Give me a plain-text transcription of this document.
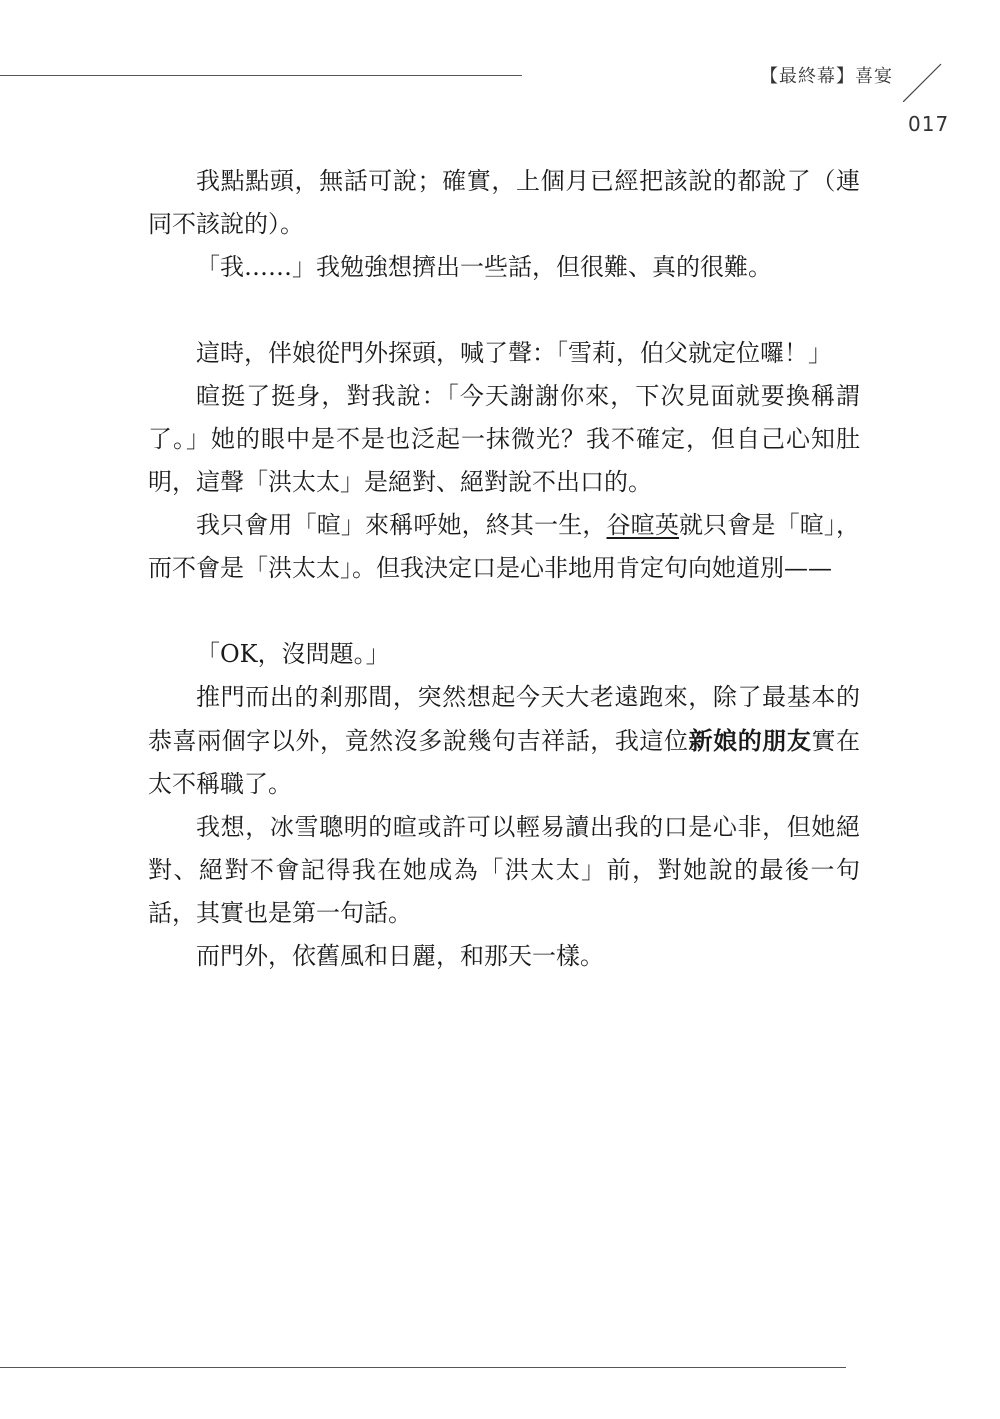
【最終幕】喜宴
017

我點點頭，無話可說；確實，上個月已經把該說的都說了（連同不該說的）。

「我……」我勉強想擠出一些話，但很難、真的很難。

這時，伴娘從門外探頭，喊了聲：「雪莉，伯父就定位囉！」

暄挺了挺身，對我說：「今天謝謝你來，下次見面就要換稱謂了。」她的眼中是不是也泛起一抹微光？我不確定，但自己心知肚明，這聲「洪太太」是絕對、絕對說不出口的。

我只會用「暄」來稱呼她，終其一生，谷暄英就只會是「暄」，而不會是「洪太太」。但我決定口是心非地用肯定句向她道別——

「OK，沒問題。」

推門而出的剎那間，突然想起今天大老遠跑來，除了最基本的恭喜兩個字以外，竟然沒多說幾句吉祥話，我這位新娘的朋友實在太不稱職了。

我想，冰雪聰明的暄或許可以輕易讀出我的口是心非，但她絕對、絕對不會記得我在她成為「洪太太」前，對她說的最後一句話，其實也是第一句話。

而門外，依舊風和日麗，和那天一樣。
